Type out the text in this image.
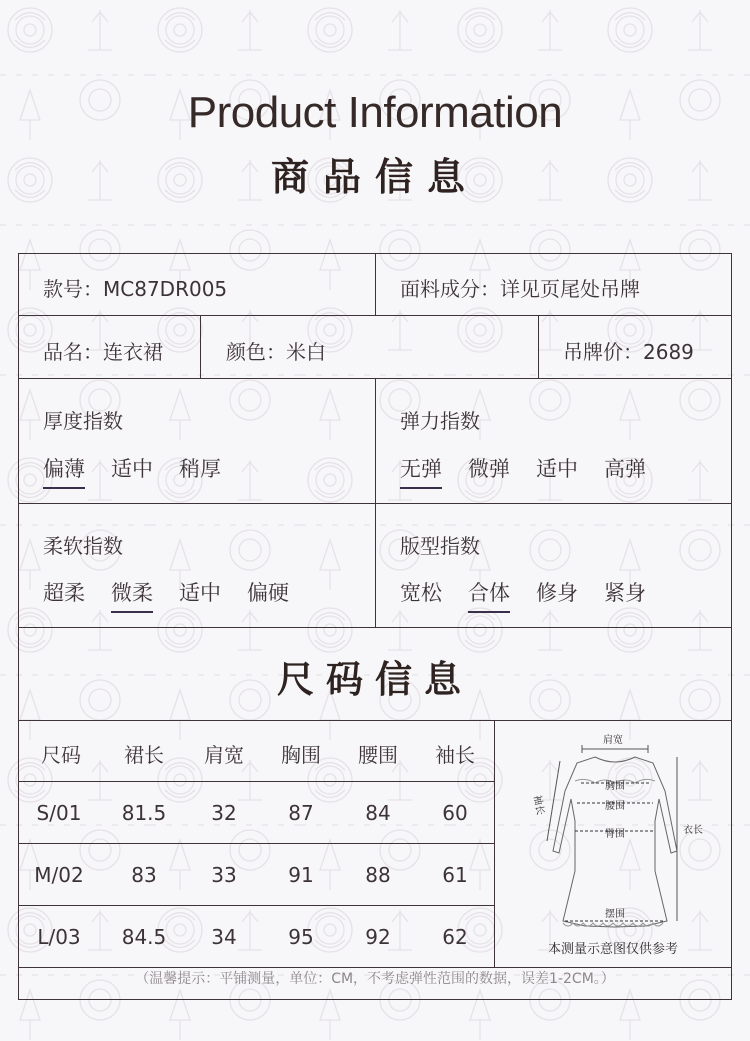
Product Information
商品信息
款号：MC87DR005	面料成分：详见页尾处吊牌
品名：连衣裙	颜色：米白	吊牌价：2689
厚度指数
偏薄 适中 稍厚
弹力指数
无弹 微弹 适中 高弹
柔软指数
超柔 微柔 适中 偏硬
版型指数
宽松 合体 修身 紧身
尺码信息
尺码	裙长	肩宽	胸围	腰围	袖长
S/01	81.5	32	87	84	60
M/02	83	33	91	88	61
L/03	84.5	34	95	92	62
肩宽
胸围
腰围
臀围
摆围
袖长
衣长
本测量示意图仅供参考
（温馨提示：平铺测量，单位：CM，不考虑弹性范围的数据，误差1-2CM。）
